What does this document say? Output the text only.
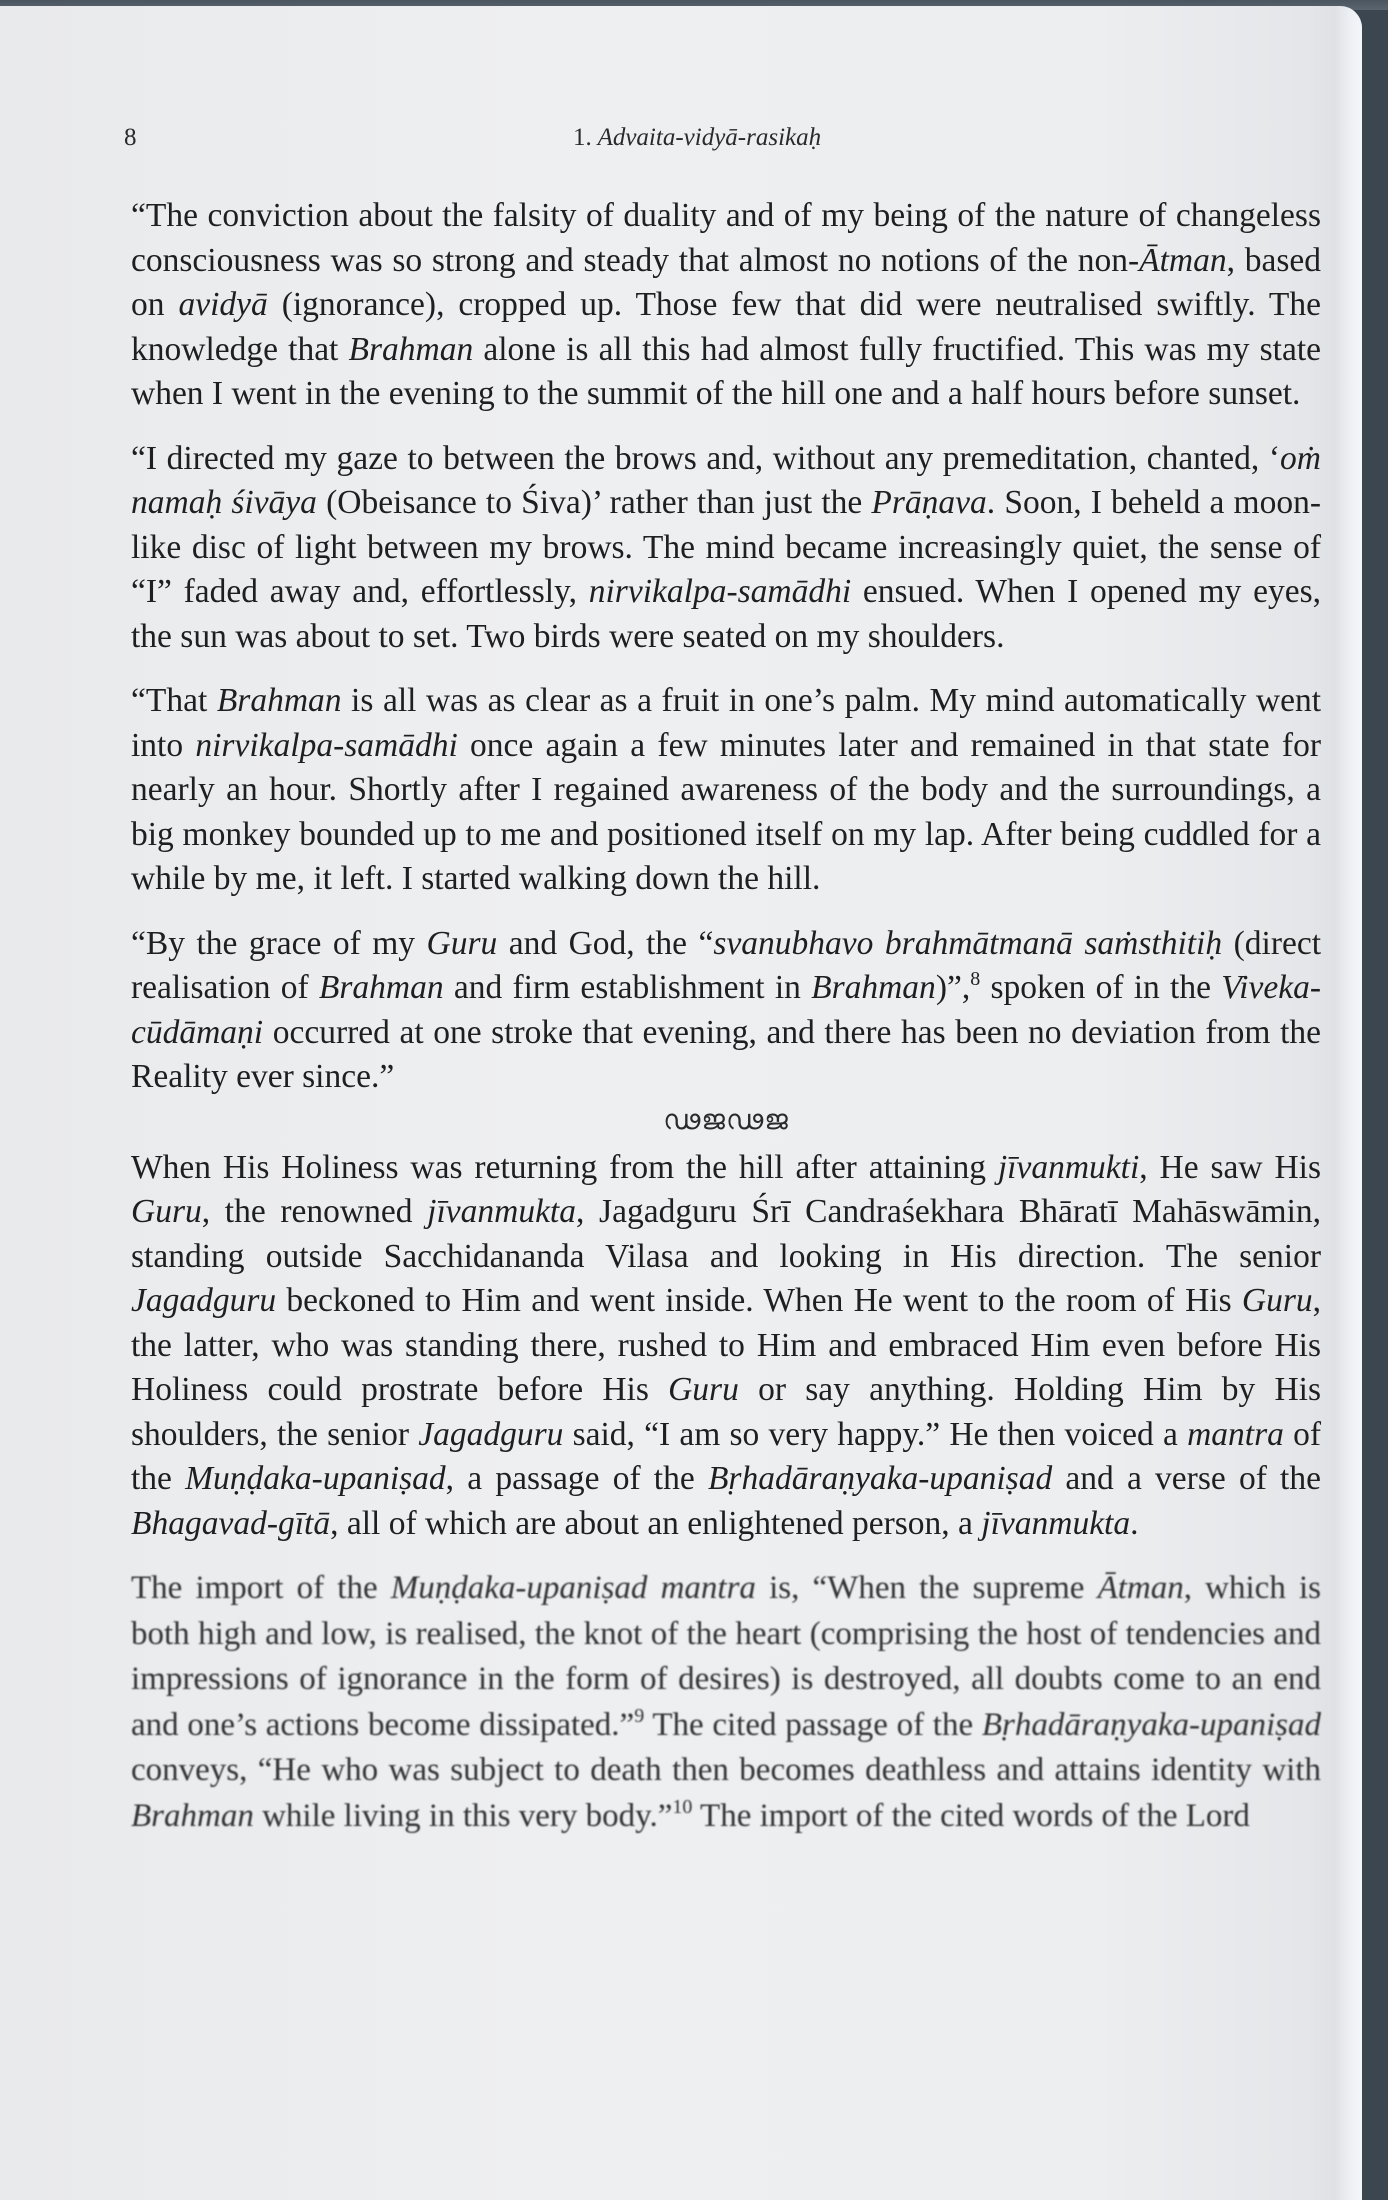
8	1. Advaita-vidyā-rasikaḥ

“The conviction about the falsity of duality and of my being of the nature of changeless consciousness was so strong and steady that almost no notions of the non-Ātman, based on avidyā (ignorance), cropped up. Those few that did were neutralised swiftly. The knowledge that Brahman alone is all this had almost fully fructified. This was my state when I went in the evening to the summit of the hill one and a half hours before sunset.

“I directed my gaze to between the brows and, without any premeditation, chanted, ‘oṁ namaḥ śivāya (Obeisance to Śiva)’ rather than just the Prāṇava. Soon, I beheld a moon-like disc of light between my brows. The mind became increasingly quiet, the sense of “I” faded away and, effortlessly, nirvikalpa-samādhi ensued. When I opened my eyes, the sun was about to set. Two birds were seated on my shoulders.

“That Brahman is all was as clear as a fruit in one’s palm. My mind automatically went into nirvikalpa-samādhi once again a few minutes later and remained in that state for nearly an hour. Shortly after I regained awareness of the body and the surroundings, a big monkey bounded up to me and positioned itself on my lap. After being cuddled for a while by me, it left. I started walking down the hill.

“By the grace of my Guru and God, the “svanubhavo brahmātmanā saṁsthitiḥ (direct realisation of Brahman and firm establishment in Brahman)”,$^8$ spoken of in the Viveka-cūdāmaṇi occurred at one stroke that evening, and there has been no deviation from the Reality ever since.”

ഢജഢജ

When His Holiness was returning from the hill after attaining jīvanmukti, He saw His Guru, the renowned jīvanmukta, Jagadguru Śrī Candraśekhara Bhāratī Mahāswāmin, standing outside Sacchidananda Vilasa and looking in His direction. The senior Jagadguru beckoned to Him and went inside. When He went to the room of His Guru, the latter, who was standing there, rushed to Him and embraced Him even before His Holiness could prostrate before His Guru or say anything. Holding Him by His shoulders, the senior Jagadguru said, “I am so very happy.” He then voiced a mantra of the Muṇḍaka-upaniṣad, a passage of the Bṛhadāraṇyaka-upaniṣad and a verse of the Bhagavad-gītā, all of which are about an enlightened person, a jīvanmukta.

The import of the Muṇḍaka-upaniṣad mantra is, “When the supreme Ātman, which is both high and low, is realised, the knot of the heart (comprising the host of tendencies and impressions of ignorance in the form of desires) is destroyed, all doubts come to an end and one’s actions become dissipated.”$^9$ The cited passage of the Bṛhadāraṇyaka-upaniṣad conveys, “He who was subject to death then becomes deathless and attains identity with Brahman while living in this very body.”$^{10}$ The import of the cited words of the Lord
